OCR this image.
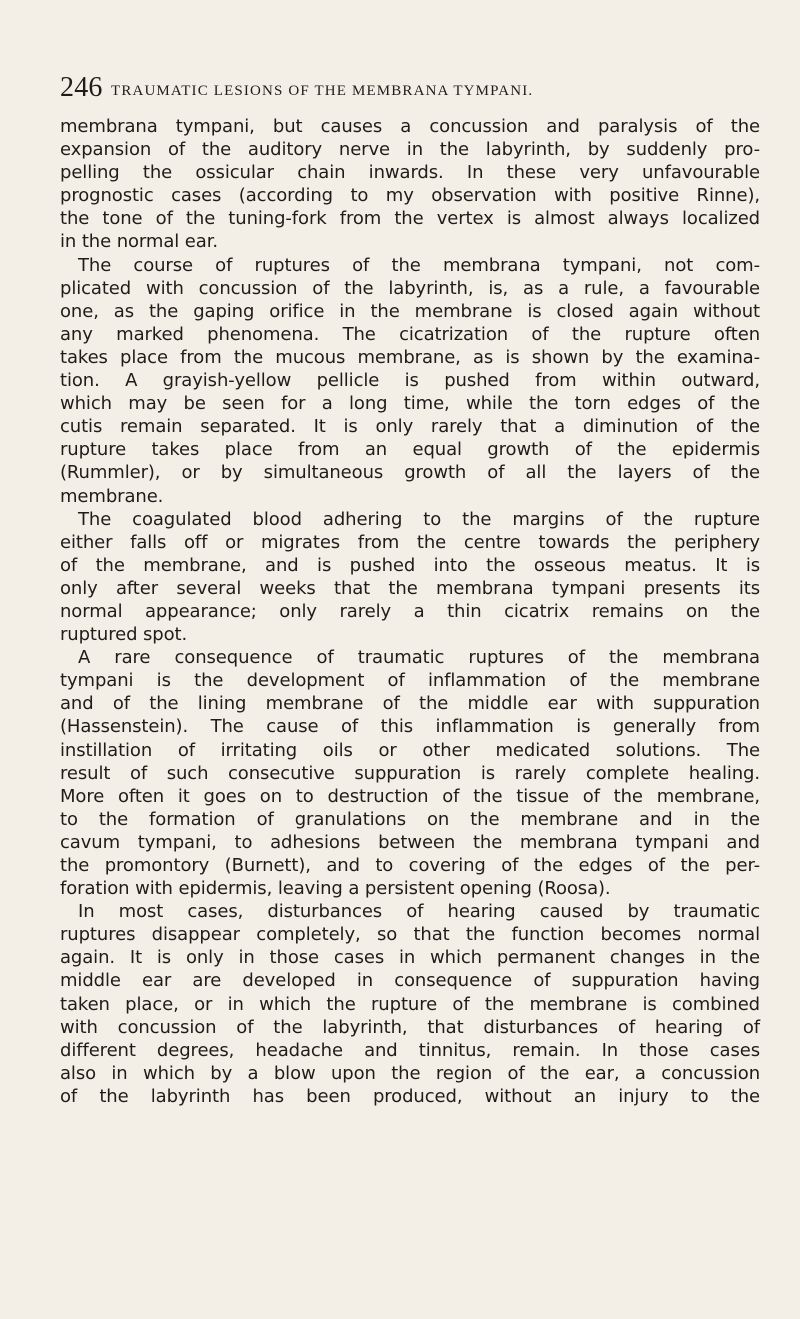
246 TRAUMATIC LESIONS OF THE MEMBRANA TYMPANI.
membrana tympani, but causes a concussion and paralysis of the
expansion of the auditory nerve in the labyrinth, by suddenly pro-
pelling the ossicular chain inwards. In these very unfavourable
prognostic cases (according to my observation with positive Rinne),
the tone of the tuning-fork from the vertex is almost always localized
in the normal ear.
The course of ruptures of the membrana tympani, not com-
plicated with concussion of the labyrinth, is, as a rule, a favourable
one, as the gaping orifice in the membrane is closed again without
any marked phenomena. The cicatrization of the rupture often
takes place from the mucous membrane, as is shown by the examina-
tion. A grayish-yellow pellicle is pushed from within outward,
which may be seen for a long time, while the torn edges of the
cutis remain separated. It is only rarely that a diminution of the
rupture takes place from an equal growth of the epidermis
(Rummler), or by simultaneous growth of all the layers of the
membrane.
The coagulated blood adhering to the margins of the rupture
either falls off or migrates from the centre towards the periphery
of the membrane, and is pushed into the osseous meatus. It is
only after several weeks that the membrana tympani presents its
normal appearance; only rarely a thin cicatrix remains on the
ruptured spot.
A rare consequence of traumatic ruptures of the membrana
tympani is the development of inflammation of the membrane
and of the lining membrane of the middle ear with suppuration
(Hassenstein). The cause of this inflammation is generally from
instillation of irritating oils or other medicated solutions. The
result of such consecutive suppuration is rarely complete healing.
More often it goes on to destruction of the tissue of the membrane,
to the formation of granulations on the membrane and in the
cavum tympani, to adhesions between the membrana tympani and
the promontory (Burnett), and to covering of the edges of the per-
foration with epidermis, leaving a persistent opening (Roosa).
In most cases, disturbances of hearing caused by traumatic
ruptures disappear completely, so that the function becomes normal
again. It is only in those cases in which permanent changes in the
middle ear are developed in consequence of suppuration having
taken place, or in which the rupture of the membrane is combined
with concussion of the labyrinth, that disturbances of hearing of
different degrees, headache and tinnitus, remain. In those cases
also in which by a blow upon the region of the ear, a concussion
of the labyrinth has been produced, without an injury to the
